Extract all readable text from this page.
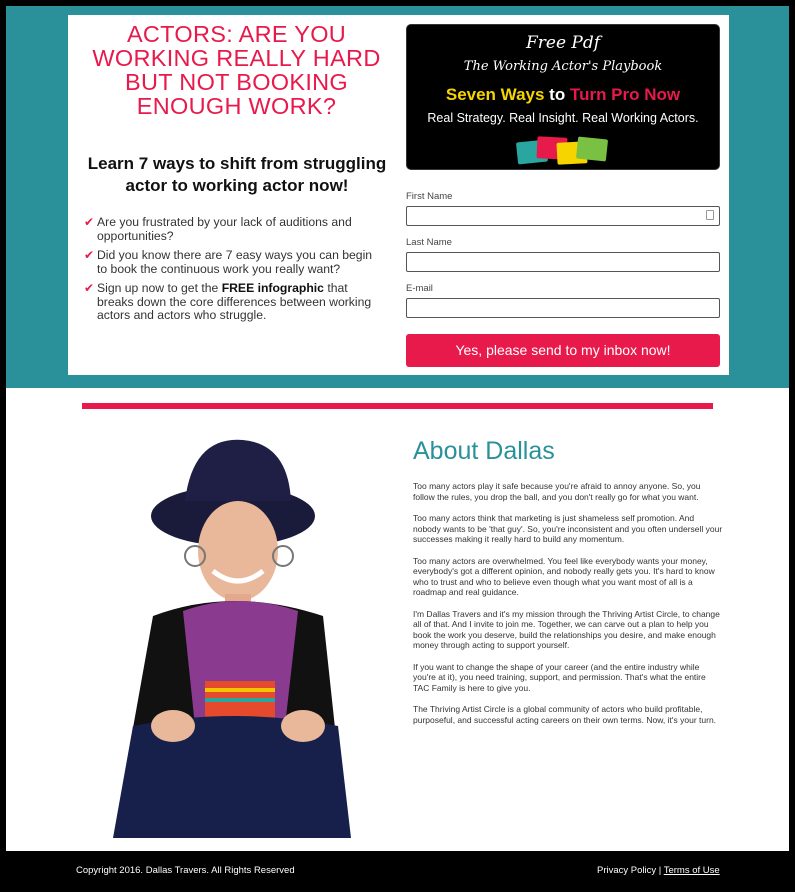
ACTORS: ARE YOU WORKING REALLY HARD BUT NOT BOOKING ENOUGH WORK?
Learn 7 ways to shift from struggling actor to working actor now!
✔ Are you frustrated by your lack of auditions and opportunities?
✔ Did you know there are 7 easy ways you can begin to book the continuous work you really want?
✔ Sign up now to get the FREE infographic that breaks down the core differences between working actors and actors who struggle.
Free Pdf
The Working Actor's Playbook
Seven Ways to Turn Pro Now
Real Strategy. Real Insight. Real Working Actors.
First Name
Last Name
E-mail
Yes, please send to my inbox now!
About Dallas

Too many actors play it safe because you're afraid to annoy anyone. So, you follow the rules, you drop the ball, and you don't really go for what you want.

Too many actors think that marketing is just shameless self promotion. And nobody wants to be 'that guy'. So, you're inconsistent and you often undersell your successes making it really hard to build any momentum.

Too many actors are overwhelmed. You feel like everybody wants your money, everybody's got a different opinion, and nobody really gets you. It's hard to know who to trust and who to believe even though what you want most of all is a roadmap and real guidance.

I'm Dallas Travers and it's my mission through the Thriving Artist Circle, to change all of that. And I invite to join me. Together, we can carve out a plan to help you book the work you deserve, build the relationships you desire, and make enough money through acting to support yourself.

If you want to change the shape of your career (and the entire industry while you're at it), you need training, support, and permission. That's what the entire TAC Family is here to give you.

The Thriving Artist Circle is a global community of actors who build profitable, purposeful, and successful acting careers on their own terms. Now, it's your turn.

Copyright 2016. Dallas Travers. All Rights Reserved	Privacy Policy | Terms of Use
